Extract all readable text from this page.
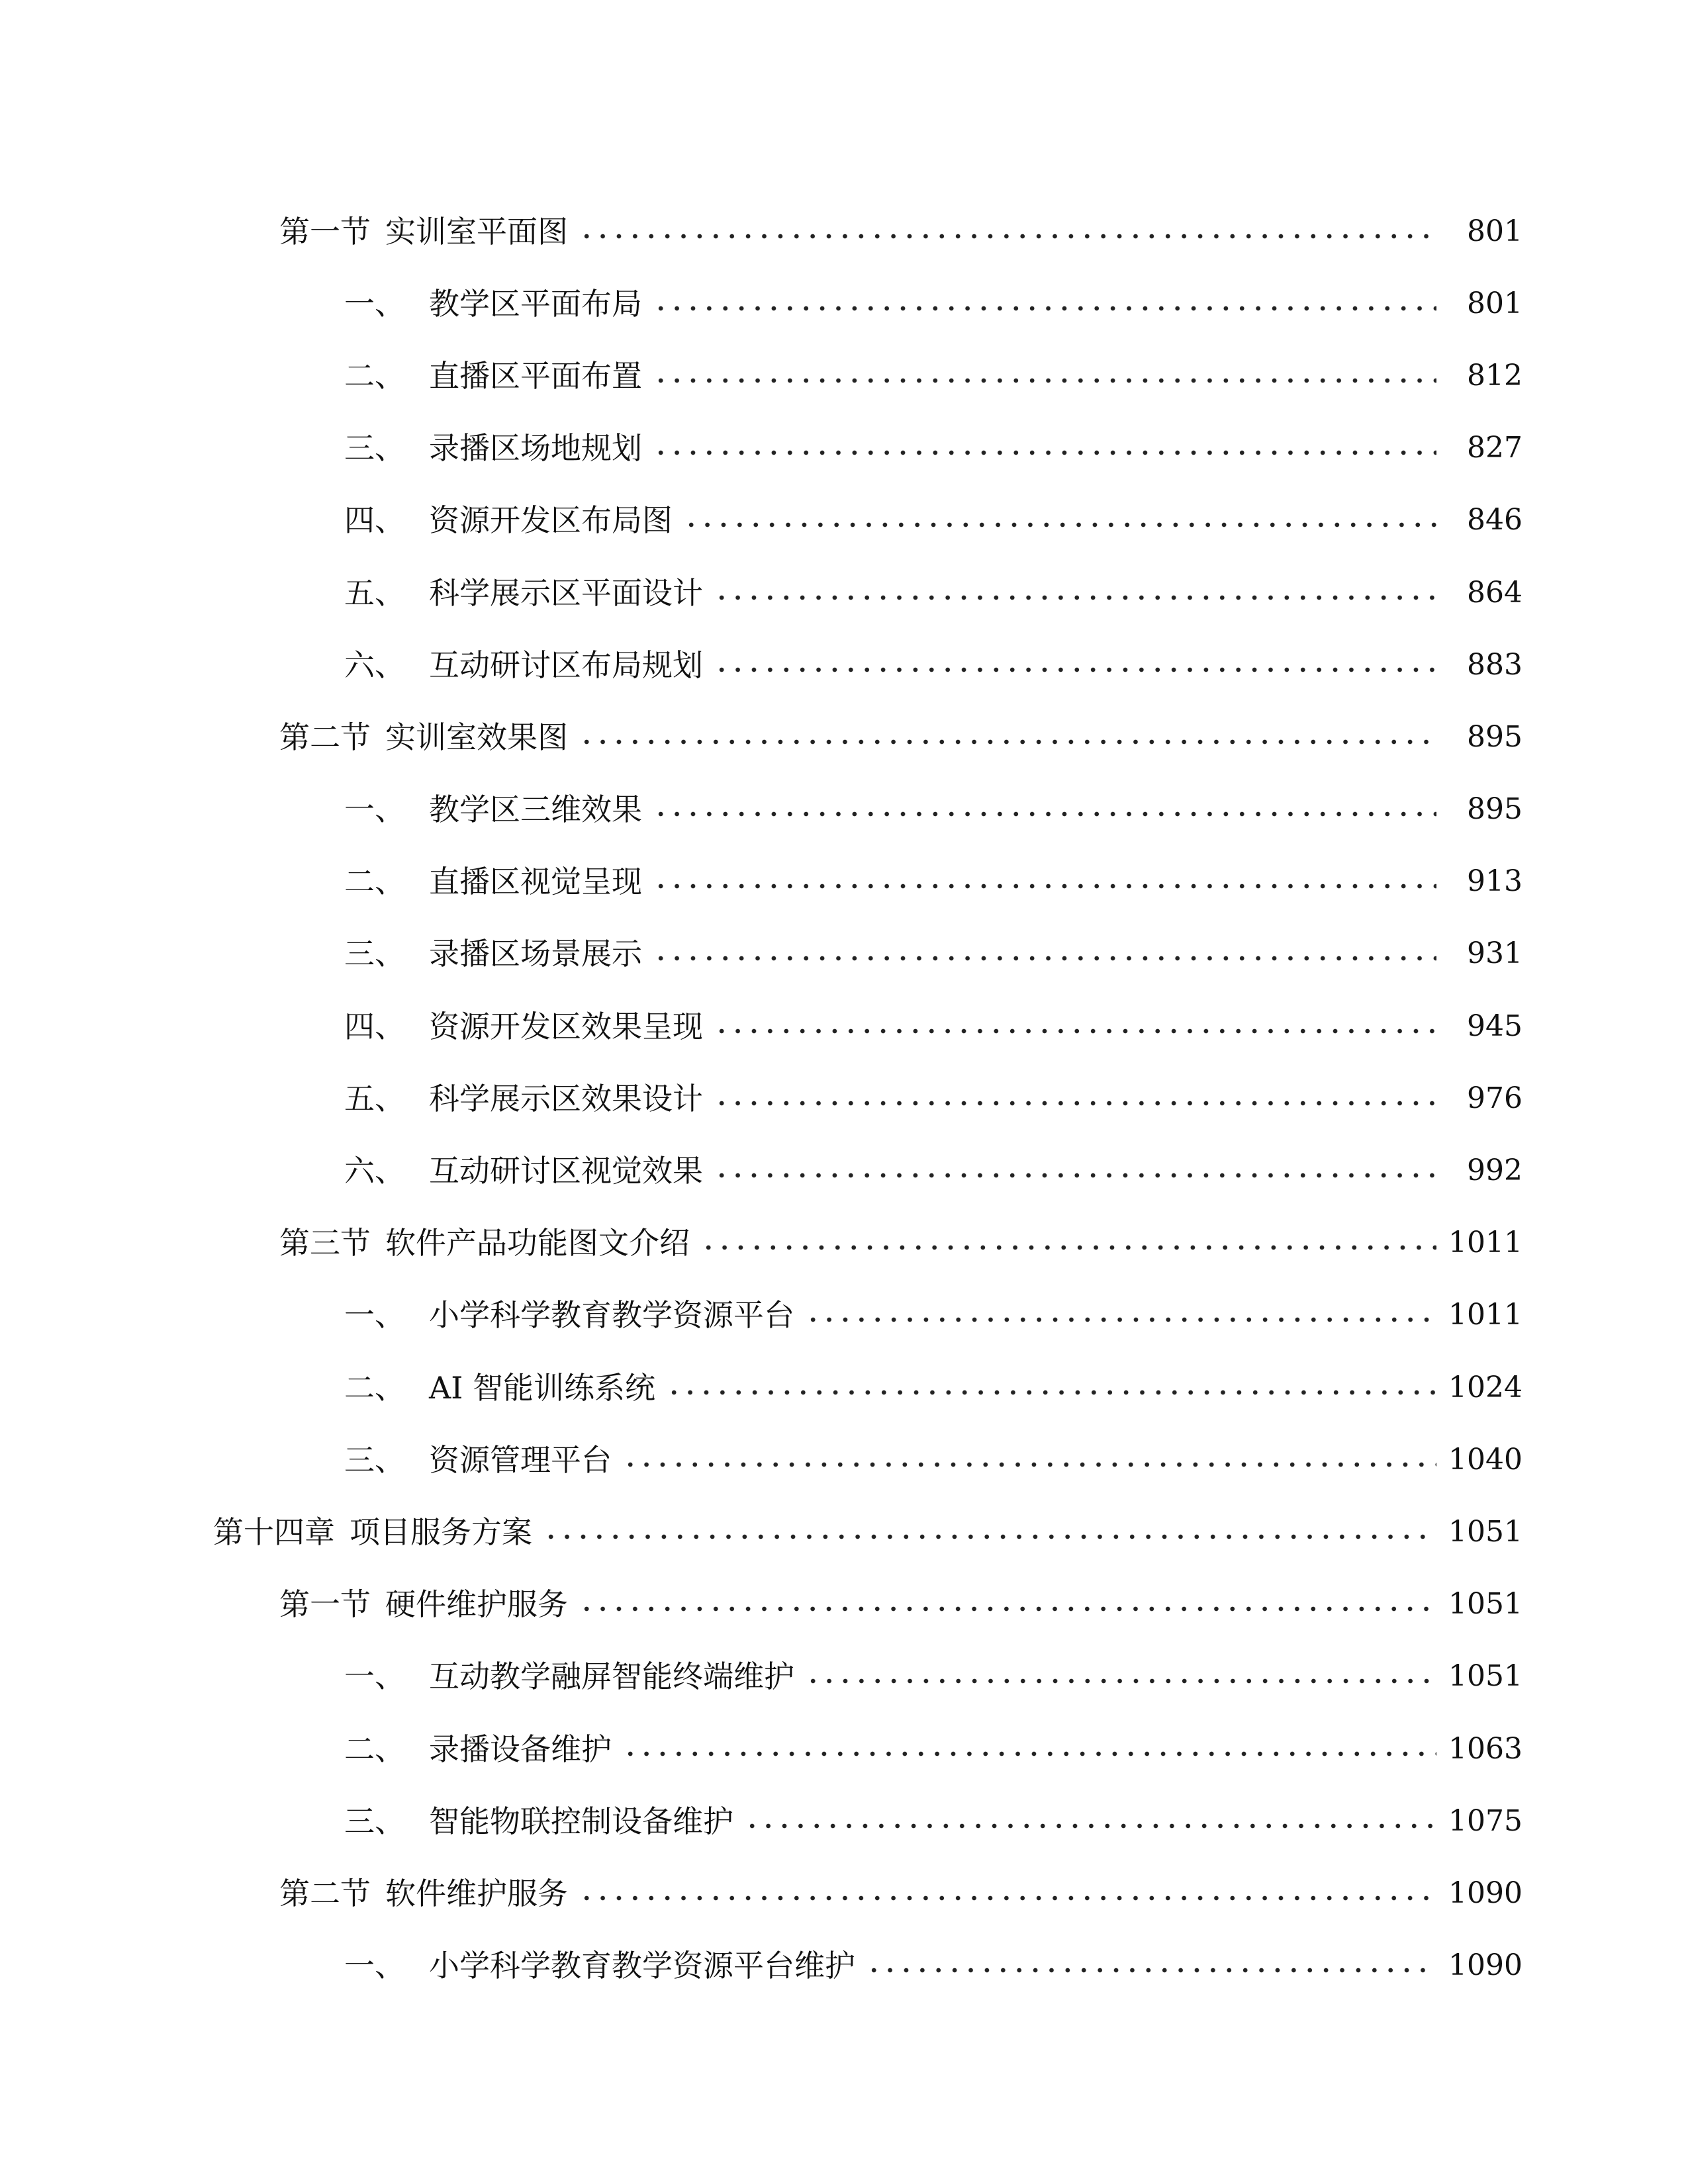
第一节 实训室平面图	801
一、 教学区平面布局	801
二、 直播区平面布置	812
三、 录播区场地规划	827
四、 资源开发区布局图	846
五、 科学展示区平面设计	864
六、 互动研讨区布局规划	883
第二节 实训室效果图	895
一、 教学区三维效果	895
二、 直播区视觉呈现	913
三、 录播区场景展示	931
四、 资源开发区效果呈现	945
五、 科学展示区效果设计	976
六、 互动研讨区视觉效果	992
第三节 软件产品功能图文介绍	1011
一、 小学科学教育教学资源平台	1011
二、 AI 智能训练系统	1024
三、 资源管理平台	1040
第十四章 项目服务方案	1051
第一节 硬件维护服务	1051
一、 互动教学融屏智能终端维护	1051
二、 录播设备维护	1063
三、 智能物联控制设备维护	1075
第二节 软件维护服务	1090
一、 小学科学教育教学资源平台维护	1090
